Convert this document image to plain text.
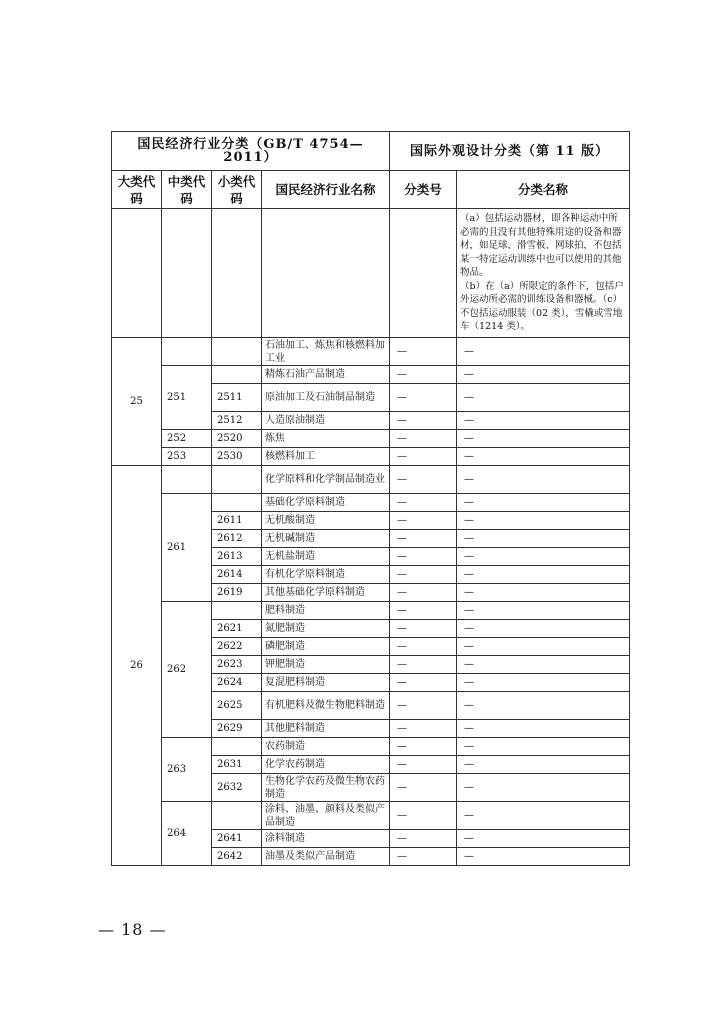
国民经济行业分类（GB/T 4754—2011）				国际外观设计分类（第 11 版）	
大类代码	中类代码	小类代码	国民经济行业名称	分类号	分类名称

					（a）包括运动器材，即各种运动中所必需的且没有其他特殊用途的设备和器材，如足球、滑雪板、网球拍，不包括某一特定运动训练中也可以使用的其他物品。
（b）在（a）所限定的条件下，包括户外运动所必需的训练设备和器械。（c）不包括运动服装（02 类），雪橇或雪地车（1214 类）。

25			石油加工、炼焦和核燃料加工业	—	—
	251		精炼石油产品制造	—	—
		2511	原油加工及石油制品制造	—	—
		2512	人造原油制造	—	—
	252	2520	炼焦	—	—
	253	2530	核燃料加工	—	—
26			化学原料和化学制品制造业	—	—
	261		基础化学原料制造	—	—
		2611	无机酸制造	—	—
		2612	无机碱制造	—	—
		2613	无机盐制造	—	—
		2614	有机化学原料制造	—	—
		2619	其他基础化学原料制造	—	—
	262		肥料制造	—	—
		2621	氮肥制造	—	—
		2622	磷肥制造	—	—
		2623	钾肥制造	—	—
		2624	复混肥料制造	—	—
		2625	有机肥料及微生物肥料制造	—	—
		2629	其他肥料制造	—	—
	263		农药制造	—	—
		2631	化学农药制造	—	—
		2632	生物化学农药及微生物农药制造	—	—
	264		涂料、油墨、颜料及类似产品制造	—	—
		2641	涂料制造	—	—
		2642	油墨及类似产品制造	—	—
— 18 —
